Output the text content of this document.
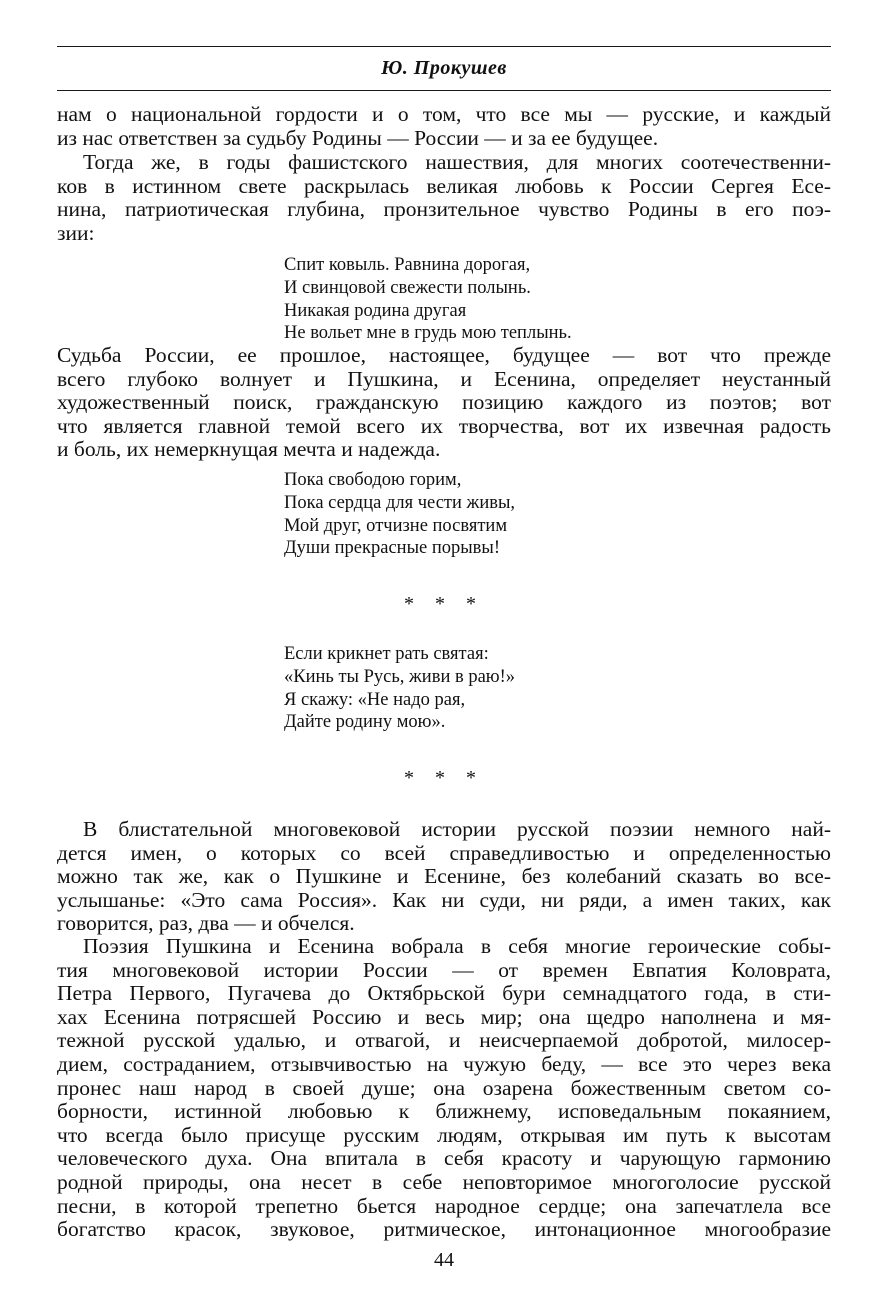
Ю. Прокушев
нам о национальной гордости и о том, что все мы — русские, и каждый
из нас ответствен за судьбу Родины — России — и за ее будущее.
Тогда же, в годы фашистского нашествия, для многих соотечественни-
ков в истинном свете раскрылась великая любовь к России Сергея Есе-
нина, патриотическая глубина, пронзительное чувство Родины в его поэ-
зии:
Спит ковыль. Равнина дорогая,
И свинцовой свежести полынь.
Никакая родина другая
Не вольет мне в грудь мою теплынь.
Судьба России, ее прошлое, настоящее, будущее — вот что прежде
всего глубоко волнует и Пушкина, и Есенина, определяет неустанный
художественный поиск, гражданскую позицию каждого из поэтов; вот
что является главной темой всего их творчества, вот их извечная радость
и боль, их немеркнущая мечта и надежда.
Пока свободою горим,
Пока сердца для чести живы,
Мой друг, отчизне посвятим
Души прекрасные порывы!
* * *
Если крикнет рать святая:
«Кинь ты Русь, живи в раю!»
Я скажу: «Не надо рая,
Дайте родину мою».
* * *
В блистательной многовековой истории русской поэзии немного най-
дется имен, о которых со всей справедливостью и определенностью
можно так же, как о Пушкине и Есенине, без колебаний сказать во все-
услышанье: «Это сама Россия». Как ни суди, ни ряди, а имен таких, как
говорится, раз, два — и обчелся.
Поэзия Пушкина и Есенина вобрала в себя многие героические собы-
тия многовековой истории России — от времен Евпатия Коловрата,
Петра Первого, Пугачева до Октябрьской бури семнадцатого года, в сти-
хах Есенина потрясшей Россию и весь мир; она щедро наполнена и мя-
тежной русской удалью, и отвагой, и неисчерпаемой добротой, милосер-
дием, состраданием, отзывчивостью на чужую беду, — все это через века
пронес наш народ в своей душе; она озарена божественным светом со-
борности, истинной любовью к ближнему, исповедальным покаянием,
что всегда было присуще русским людям, открывая им путь к высотам
человеческого духа. Она впитала в себя красоту и чарующую гармонию
родной природы, она несет в себе неповторимое многоголосие русской
песни, в которой трепетно бьется народное сердце; она запечатлела все
богатство красок, звуковое, ритмическое, интонационное многообразие
44
